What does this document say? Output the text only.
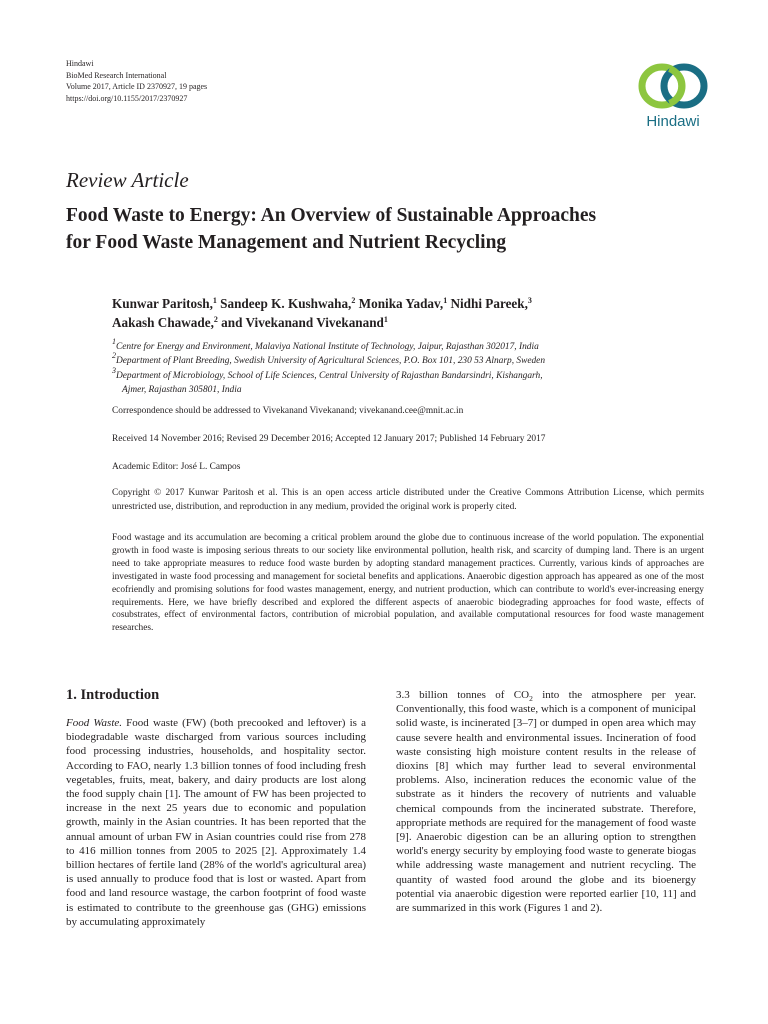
Hindawi
BioMed Research International
Volume 2017, Article ID 2370927, 19 pages
https://doi.org/10.1155/2017/2370927
Hindawi
Review Article
Food Waste to Energy: An Overview of Sustainable Approaches
for Food Waste Management and Nutrient Recycling
Kunwar Paritosh,$^1$ Sandeep K. Kushwaha,$^2$ Monika Yadav,$^1$ Nidhi Pareek,$^3$
Aakash Chawade,$^2$ and Vivekanand Vivekanand$^1$
$^1$Centre for Energy and Environment, Malaviya National Institute of Technology, Jaipur, Rajasthan 302017, India
$^2$Department of Plant Breeding, Swedish University of Agricultural Sciences, P.O. Box 101, 230 53 Alnarp, Sweden
$^3$Department of Microbiology, School of Life Sciences, Central University of Rajasthan Bandarsindri, Kishangarh,
Ajmer, Rajasthan 305801, India
Correspondence should be addressed to Vivekanand Vivekanand; vivekanand.cee@mnit.ac.in
Received 14 November 2016; Revised 29 December 2016; Accepted 12 January 2017; Published 14 February 2017
Academic Editor: José L. Campos
Copyright © 2017 Kunwar Paritosh et al. This is an open access article distributed under the Creative Commons Attribution License, which permits unrestricted use, distribution, and reproduction in any medium, provided the original work is properly cited.
Food wastage and its accumulation are becoming a critical problem around the globe due to continuous increase of the world population. The exponential growth in food waste is imposing serious threats to our society like environmental pollution, health risk, and scarcity of dumping land. There is an urgent need to take appropriate measures to reduce food waste burden by adopting standard management practices. Currently, various kinds of approaches are investigated in waste food processing and management for societal benefits and applications. Anaerobic digestion approach has appeared as one of the most ecofriendly and promising solutions for food wastes management, energy, and nutrient production, which can contribute to world's ever-increasing energy requirements. Here, we have briefly described and explored the different aspects of anaerobic biodegrading approaches for food waste, effects of cosubstrates, effect of environmental factors, contribution of microbial population, and available computational resources for food waste management researches.
1. Introduction
Food Waste. Food waste (FW) (both precooked and leftover) is a biodegradable waste discharged from various sources including food processing industries, households, and hospitality sector. According to FAO, nearly 1.3 billion tonnes of food including fresh vegetables, fruits, meat, bakery, and dairy products are lost along the food supply chain [1]. The amount of FW has been projected to increase in the next 25 years due to economic and population growth, mainly in the Asian countries. It has been reported that the annual amount of urban FW in Asian countries could rise from 278 to 416 million tonnes from 2005 to 2025 [2]. Approximately 1.4 billion hectares of fertile land (28% of the world's agricultural area) is used annually to produce food that is lost or wasted. Apart from food and land resource wastage, the carbon footprint of food waste is estimated to contribute to the greenhouse gas (GHG) emissions by accumulating approximately
3.3 billion tonnes of $CO_2$ into the atmosphere per year. Conventionally, this food waste, which is a component of municipal solid waste, is incinerated [3–7] or dumped in open area which may cause severe health and environmental issues. Incineration of food waste consisting high moisture content results in the release of dioxins [8] which may further lead to several environmental problems. Also, incineration reduces the economic value of the substrate as it hinders the recovery of nutrients and valuable chemical compounds from the incinerated substrate. Therefore, appropriate methods are required for the management of food waste [9]. Anaerobic digestion can be an alluring option to strengthen world's energy security by employing food waste to generate biogas while addressing waste management and nutrient recycling. The quantity of wasted food around the globe and its bioenergy potential via anaerobic digestion were reported earlier [10, 11] and are summarized in this work (Figures 1 and 2).
